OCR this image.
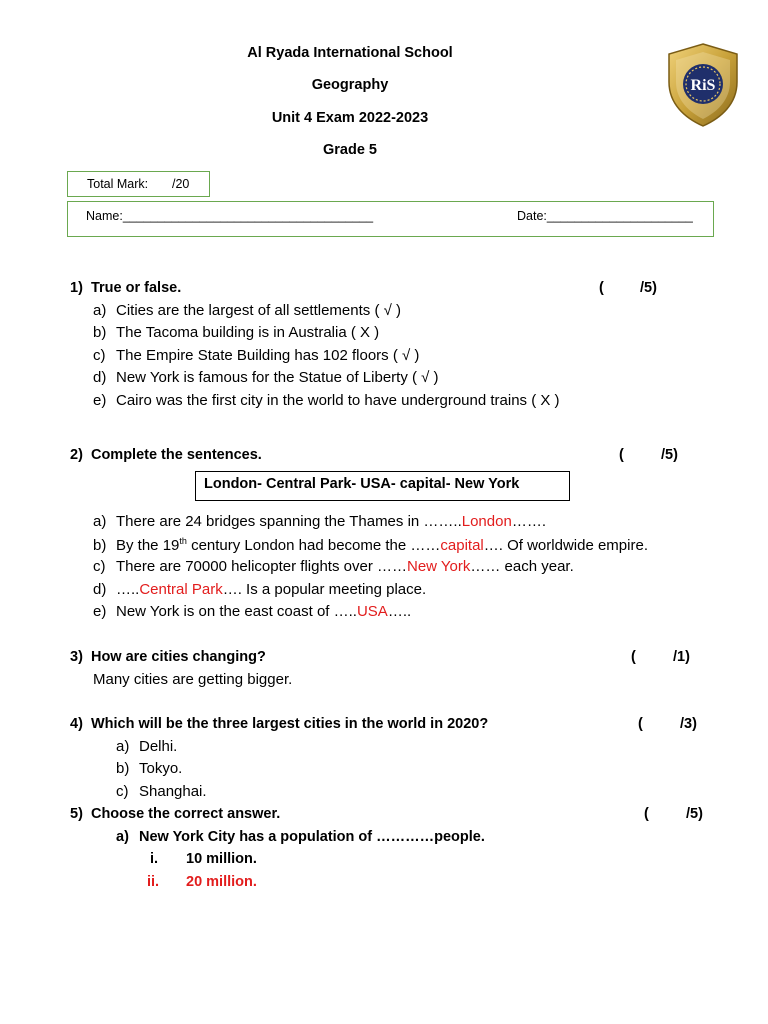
Al Ryada International School
Geography
Unit 4 Exam 2022-2023
Grade 5
RiS
Total Mark: /20
Name:____________________________________	Date:_____________________
1) True or false.	( /5)
a) Cities are the largest of all settlements ( √ )
b) The Tacoma building is in Australia ( X )
c) The Empire State Building has 102 floors ( √ )
d) New York is famous for the Statue of Liberty ( √ )
e) Cairo was the first city in the world to have underground trains ( X )
2) Complete the sentences.	(	/5)
London- Central Park- USA- capital- New York
a) There are 24 bridges spanning the Thames in ……..London…….
b) By the 19th century London had become the ……capital…. Of worldwide empire.
c) There are 70000 helicopter flights over ……New York…… each year.
d) …..Central Park…. Is a popular meeting place.
e) New York is on the east coast of …..USA…..
3) How are cities changing?	(	/1)
Many cities are getting bigger.
4) Which will be the three largest cities in the world in 2020?	(	/3)
a) Delhi.
b) Tokyo.
c) Shanghai.
5) Choose the correct answer.	(	/5)
a) New York City has a population of …………people.
i. 10 million.
ii. 20 million.
